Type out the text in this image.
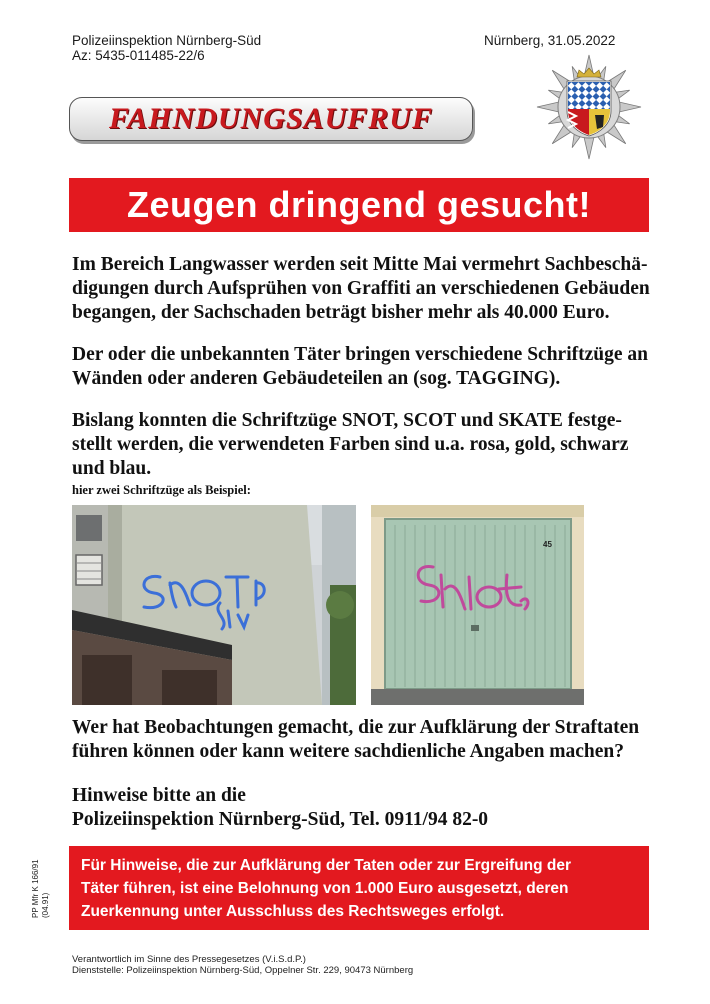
Polizeiinspektion Nürnberg-Süd
Az: 5435-011485-22/6
Nürnberg, 31.05.2022
FAHNDUNGSAUFRUF
Zeugen dringend gesucht!
Im Bereich Langwasser werden seit Mitte Mai vermehrt Sachbeschä-
digungen durch Aufsprühen von Graffiti an verschiedenen Gebäuden
begangen, der Sachschaden beträgt bisher mehr als 40.000 Euro.
Der oder die unbekannten Täter bringen verschiedene Schriftzüge an
Wänden oder anderen Gebäudeteilen an (sog. TAGGING).
Bislang konnten die Schriftzüge SNOT, SCOT und SKATE festge-
stellt werden, die verwendeten Farben sind u.a. rosa, gold, schwarz
und blau.
hier zwei Schriftzüge als Beispiel:
45
Wer hat Beobachtungen gemacht, die zur Aufklärung der Straftaten
führen können oder kann weitere sachdienliche Angaben machen?
Hinweise bitte an die
Polizeiinspektion Nürnberg-Süd, Tel. 0911/94 82-0
PP Mfr K 166/91 (04.91)
Für Hinweise, die zur Aufklärung der Taten oder zur Ergreifung der
Täter führen, ist eine Belohnung von 1.000 Euro ausgesetzt, deren
Zuerkennung unter Ausschluss des Rechtsweges erfolgt.
Verantwortlich im Sinne des Pressegesetzes (V.i.S.d.P.)
Dienststelle: Polizeiinspektion Nürnberg-Süd, Oppelner Str. 229, 90473 Nürnberg
